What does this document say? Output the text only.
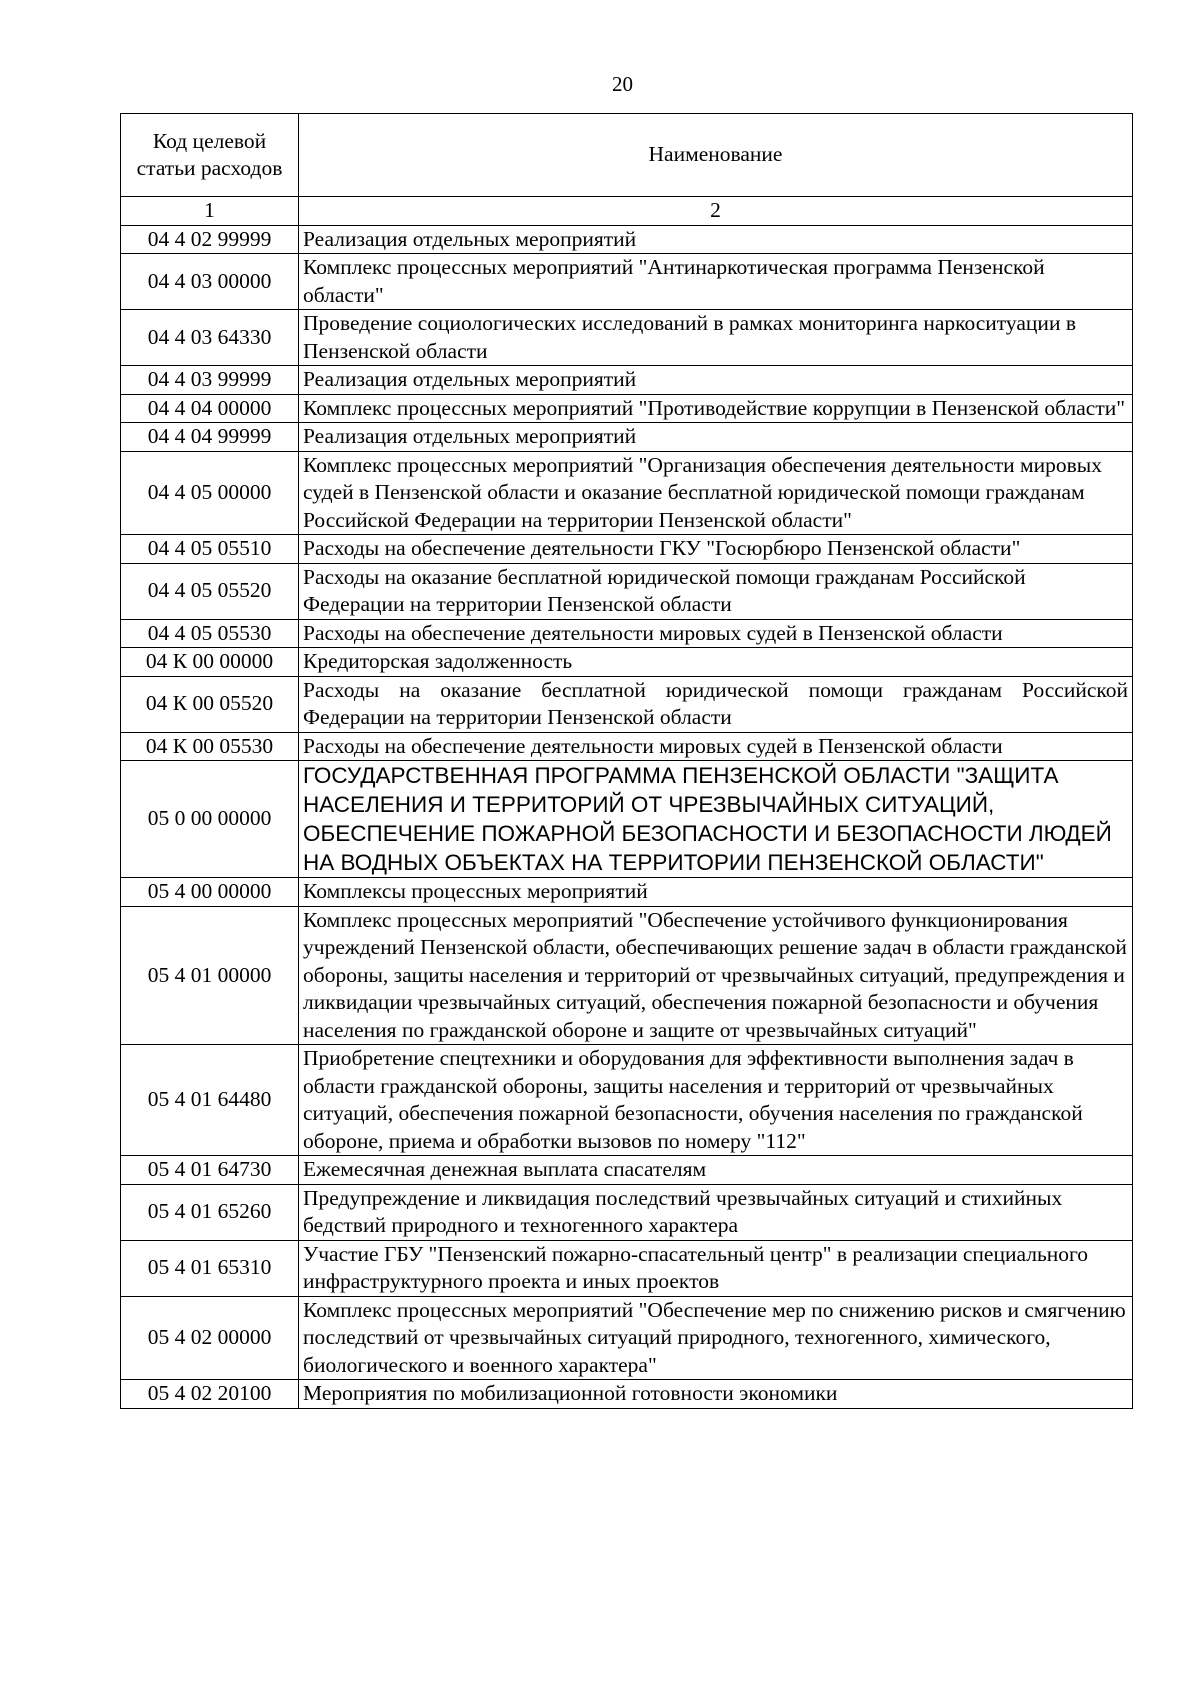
20
Код целевой статьи расходов	Наименование
1	2
04 4 02 99999	Реализация отдельных мероприятий
04 4 03 00000	Комплекс процессных мероприятий "Антинаркотическая программа Пензенской области"
04 4 03 64330	Проведение социологических исследований в рамках мониторинга наркоситуации в Пензенской области
04 4 03 99999	Реализация отдельных мероприятий
04 4 04 00000	Комплекс процессных мероприятий "Противодействие коррупции в Пензенской области"
04 4 04 99999	Реализация отдельных мероприятий
04 4 05 00000	Комплекс процессных мероприятий "Организация обеспечения деятельности мировых судей в Пензенской области и оказание бесплатной юридической помощи гражданам Российской Федерации на территории Пензенской области"
04 4 05 05510	Расходы на обеспечение деятельности ГКУ "Госюрбюро Пензенской области"
04 4 05 05520	Расходы на оказание бесплатной юридической помощи гражданам Российской Федерации на территории Пензенской области
04 4 05 05530	Расходы на обеспечение деятельности мировых судей в Пензенской области
04 К 00 00000	Кредиторская задолженность
04 К 00 05520	Расходы на оказание бесплатной юридической помощи гражданам Российской Федерации на территории Пензенской области
04 К 00 05530	Расходы на обеспечение деятельности мировых судей в Пензенской области
05 0 00 00000	ГОСУДАРСТВЕННАЯ ПРОГРАММА ПЕНЗЕНСКОЙ ОБЛАСТИ "ЗАЩИТА НАСЕЛЕНИЯ И ТЕРРИТОРИЙ ОТ ЧРЕЗВЫЧАЙНЫХ СИТУАЦИЙ, ОБЕСПЕЧЕНИЕ ПОЖАРНОЙ БЕЗОПАСНОСТИ И БЕЗОПАСНОСТИ ЛЮДЕЙ НА ВОДНЫХ ОБЪЕКТАХ НА ТЕРРИТОРИИ ПЕНЗЕНСКОЙ ОБЛАСТИ"
05 4 00 00000	Комплексы процессных мероприятий
05 4 01 00000	Комплекс процессных мероприятий "Обеспечение устойчивого функционирования учреждений Пензенской области, обеспечивающих решение задач в области гражданской обороны, защиты населения и территорий от чрезвычайных ситуаций, предупреждения и ликвидации чрезвычайных ситуаций, обеспечения пожарной безопасности и обучения населения по гражданской обороне и защите от чрезвычайных ситуаций"
05 4 01 64480	Приобретение спецтехники и оборудования для эффективности выполнения задач в области гражданской обороны, защиты населения и территорий от чрезвычайных ситуаций, обеспечения пожарной безопасности, обучения населения по гражданской обороне, приема и обработки вызовов по номеру "112"
05 4 01 64730	Ежемесячная денежная выплата спасателям
05 4 01 65260	Предупреждение и ликвидация последствий чрезвычайных ситуаций и стихийных бедствий природного и техногенного характера
05 4 01 65310	Участие ГБУ "Пензенский пожарно-спасательный центр" в реализации специального инфраструктурного проекта и иных проектов
05 4 02 00000	Комплекс процессных мероприятий "Обеспечение мер по снижению рисков и смягчению последствий от чрезвычайных ситуаций природного, техногенного, химического, биологического и военного характера"
05 4 02 20100	Мероприятия по мобилизационной готовности экономики
